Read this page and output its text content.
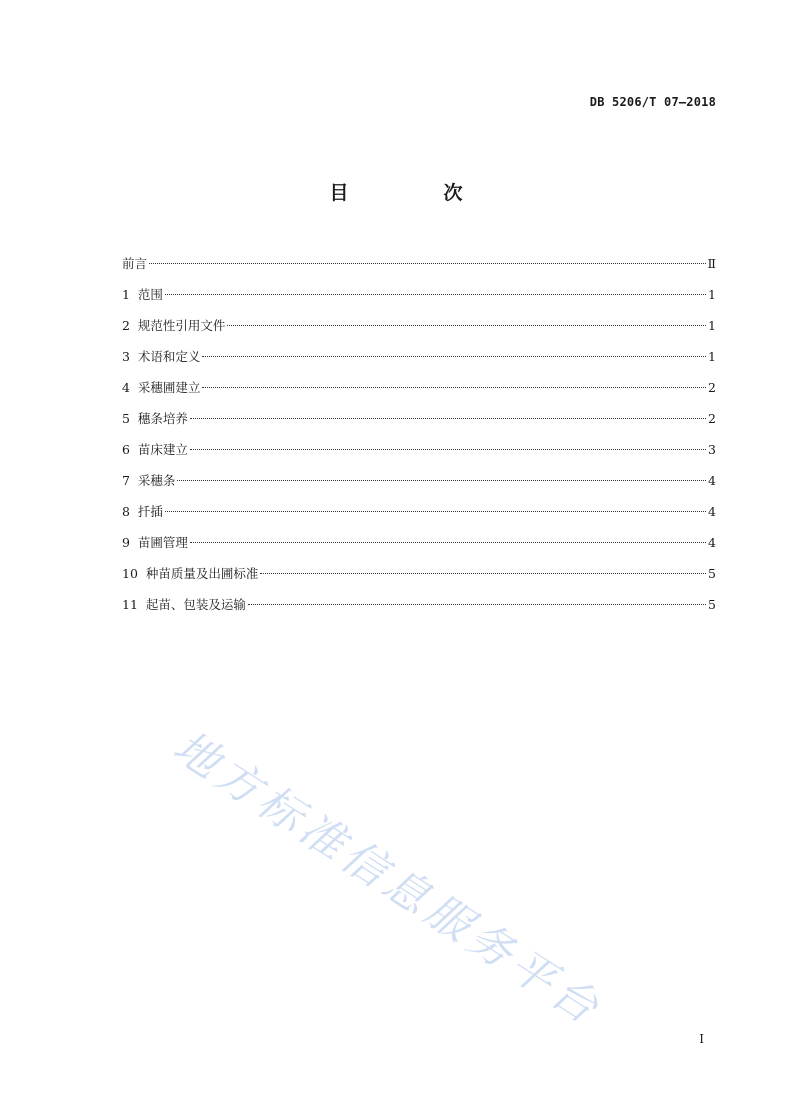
DB 5206/T 07—2018
目　次
前言	Ⅱ
1  范围	1
2  规范性引用文件	1
3  术语和定义	1
4  采穗圃建立	2
5  穗条培养	2
6  苗床建立	3
7  采穗条	4
8  扦插	4
9  苗圃管理	4
10  种苗质量及出圃标准	5
11  起苗、包装及运输	5
地方标准信息服务平台
I
